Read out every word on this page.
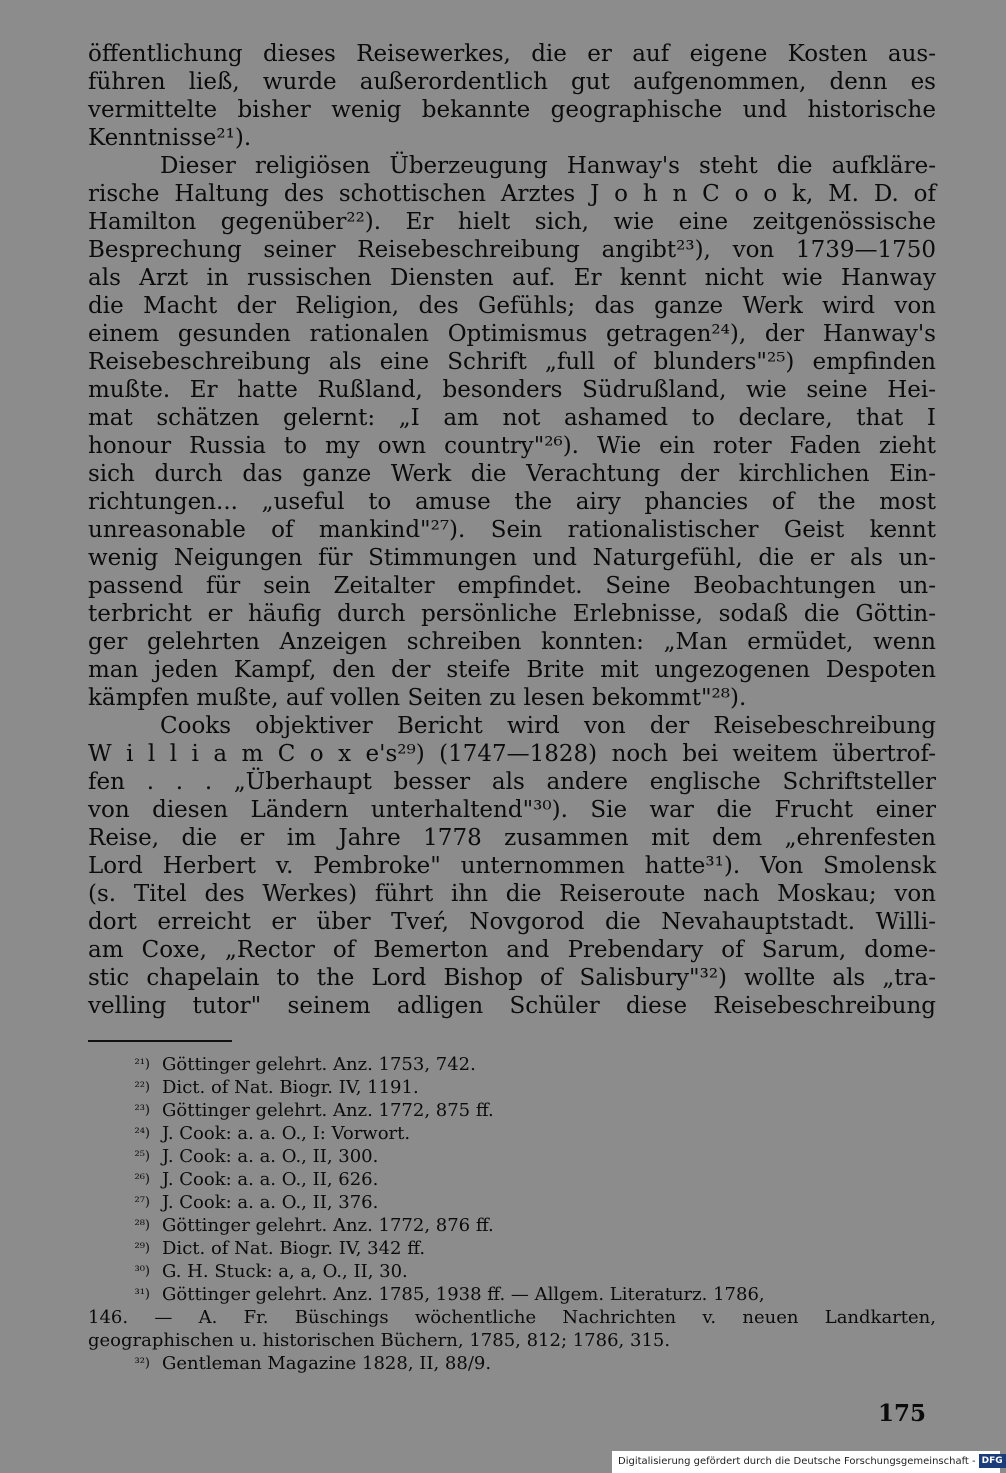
öffentlichung dieses Reisewerkes, die er auf eigene Kosten aus-
führen ließ, wurde außerordentlich gut aufgenommen, denn es
vermittelte bisher wenig bekannte geographische und historische
Kenntnisse²¹).
Dieser religiösen Überzeugung Hanway's steht die aufkläre-
rische Haltung des schottischen Arztes J o h n C o o k, M. D. of
Hamilton gegenüber²²). Er hielt sich, wie eine zeitgenössische
Besprechung seiner Reisebeschreibung angibt²³), von 1739—1750
als Arzt in russischen Diensten auf. Er kennt nicht wie Hanway
die Macht der Religion, des Gefühls; das ganze Werk wird von
einem gesunden rationalen Optimismus getragen²⁴), der Hanway's
Reisebeschreibung als eine Schrift „full of blunders"²⁵) empfinden
mußte. Er hatte Rußland, besonders Südrußland, wie seine Hei-
mat schätzen gelernt: „I am not ashamed to declare, that I
honour Russia to my own country"²⁶). Wie ein roter Faden zieht
sich durch das ganze Werk die Verachtung der kirchlichen Ein-
richtungen... „useful to amuse the airy phancies of the most
unreasonable of mankind"²⁷). Sein rationalistischer Geist kennt
wenig Neigungen für Stimmungen und Naturgefühl, die er als un-
passend für sein Zeitalter empfindet. Seine Beobachtungen un-
terbricht er häufig durch persönliche Erlebnisse, sodaß die Göttin-
ger gelehrten Anzeigen schreiben konnten: „Man ermüdet, wenn
man jeden Kampf, den der steife Brite mit ungezogenen Despoten
kämpfen mußte, auf vollen Seiten zu lesen bekommt"²⁸).
Cooks objektiver Bericht wird von der Reisebeschreibung
W i l l i a m C o x e's²⁹) (1747—1828) noch bei weitem übertrof-
fen . . . „Überhaupt besser als andere englische Schriftsteller
von diesen Ländern unterhaltend"³⁰). Sie war die Frucht einer
Reise, die er im Jahre 1778 zusammen mit dem „ehrenfesten
Lord Herbert v. Pembroke" unternommen hatte³¹). Von Smolensk
(s. Titel des Werkes) führt ihn die Reiseroute nach Moskau; von
dort erreicht er über Tveŕ, Novgorod die Nevahauptstadt. Willi-
am Coxe, „Rector of Bemerton and Prebendary of Sarum, dome-
stic chapelain to the Lord Bishop of Salisbury"³²) wollte als „tra-
velling tutor" seinem adligen Schüler diese Reisebeschreibung
²¹) Göttinger gelehrt. Anz. 1753, 742.
²²) Dict. of Nat. Biogr. IV, 1191.
²³) Göttinger gelehrt. Anz. 1772, 875 ff.
²⁴) J. Cook: a. a. O., I: Vorwort.
²⁵) J. Cook: a. a. O., II, 300.
²⁶) J. Cook: a. a. O., II, 626.
²⁷) J. Cook: a. a. O., II, 376.
²⁸) Göttinger gelehrt. Anz. 1772, 876 ff.
²⁹) Dict. of Nat. Biogr. IV, 342 ff.
³⁰) G. H. Stuck: a, a, O., II, 30.
³¹) Göttinger gelehrt. Anz. 1785, 1938 ff. — Allgem. Literaturz. 1786,
146. — A. Fr. Büschings wöchentliche Nachrichten v. neuen Landkarten,
geographischen u. historischen Büchern, 1785, 812; 1786, 315.
³²) Gentleman Magazine 1828, II, 88/9.
175
Digitalisierung gefördert durch die Deutsche Forschungsgemeinschaft - DFG
